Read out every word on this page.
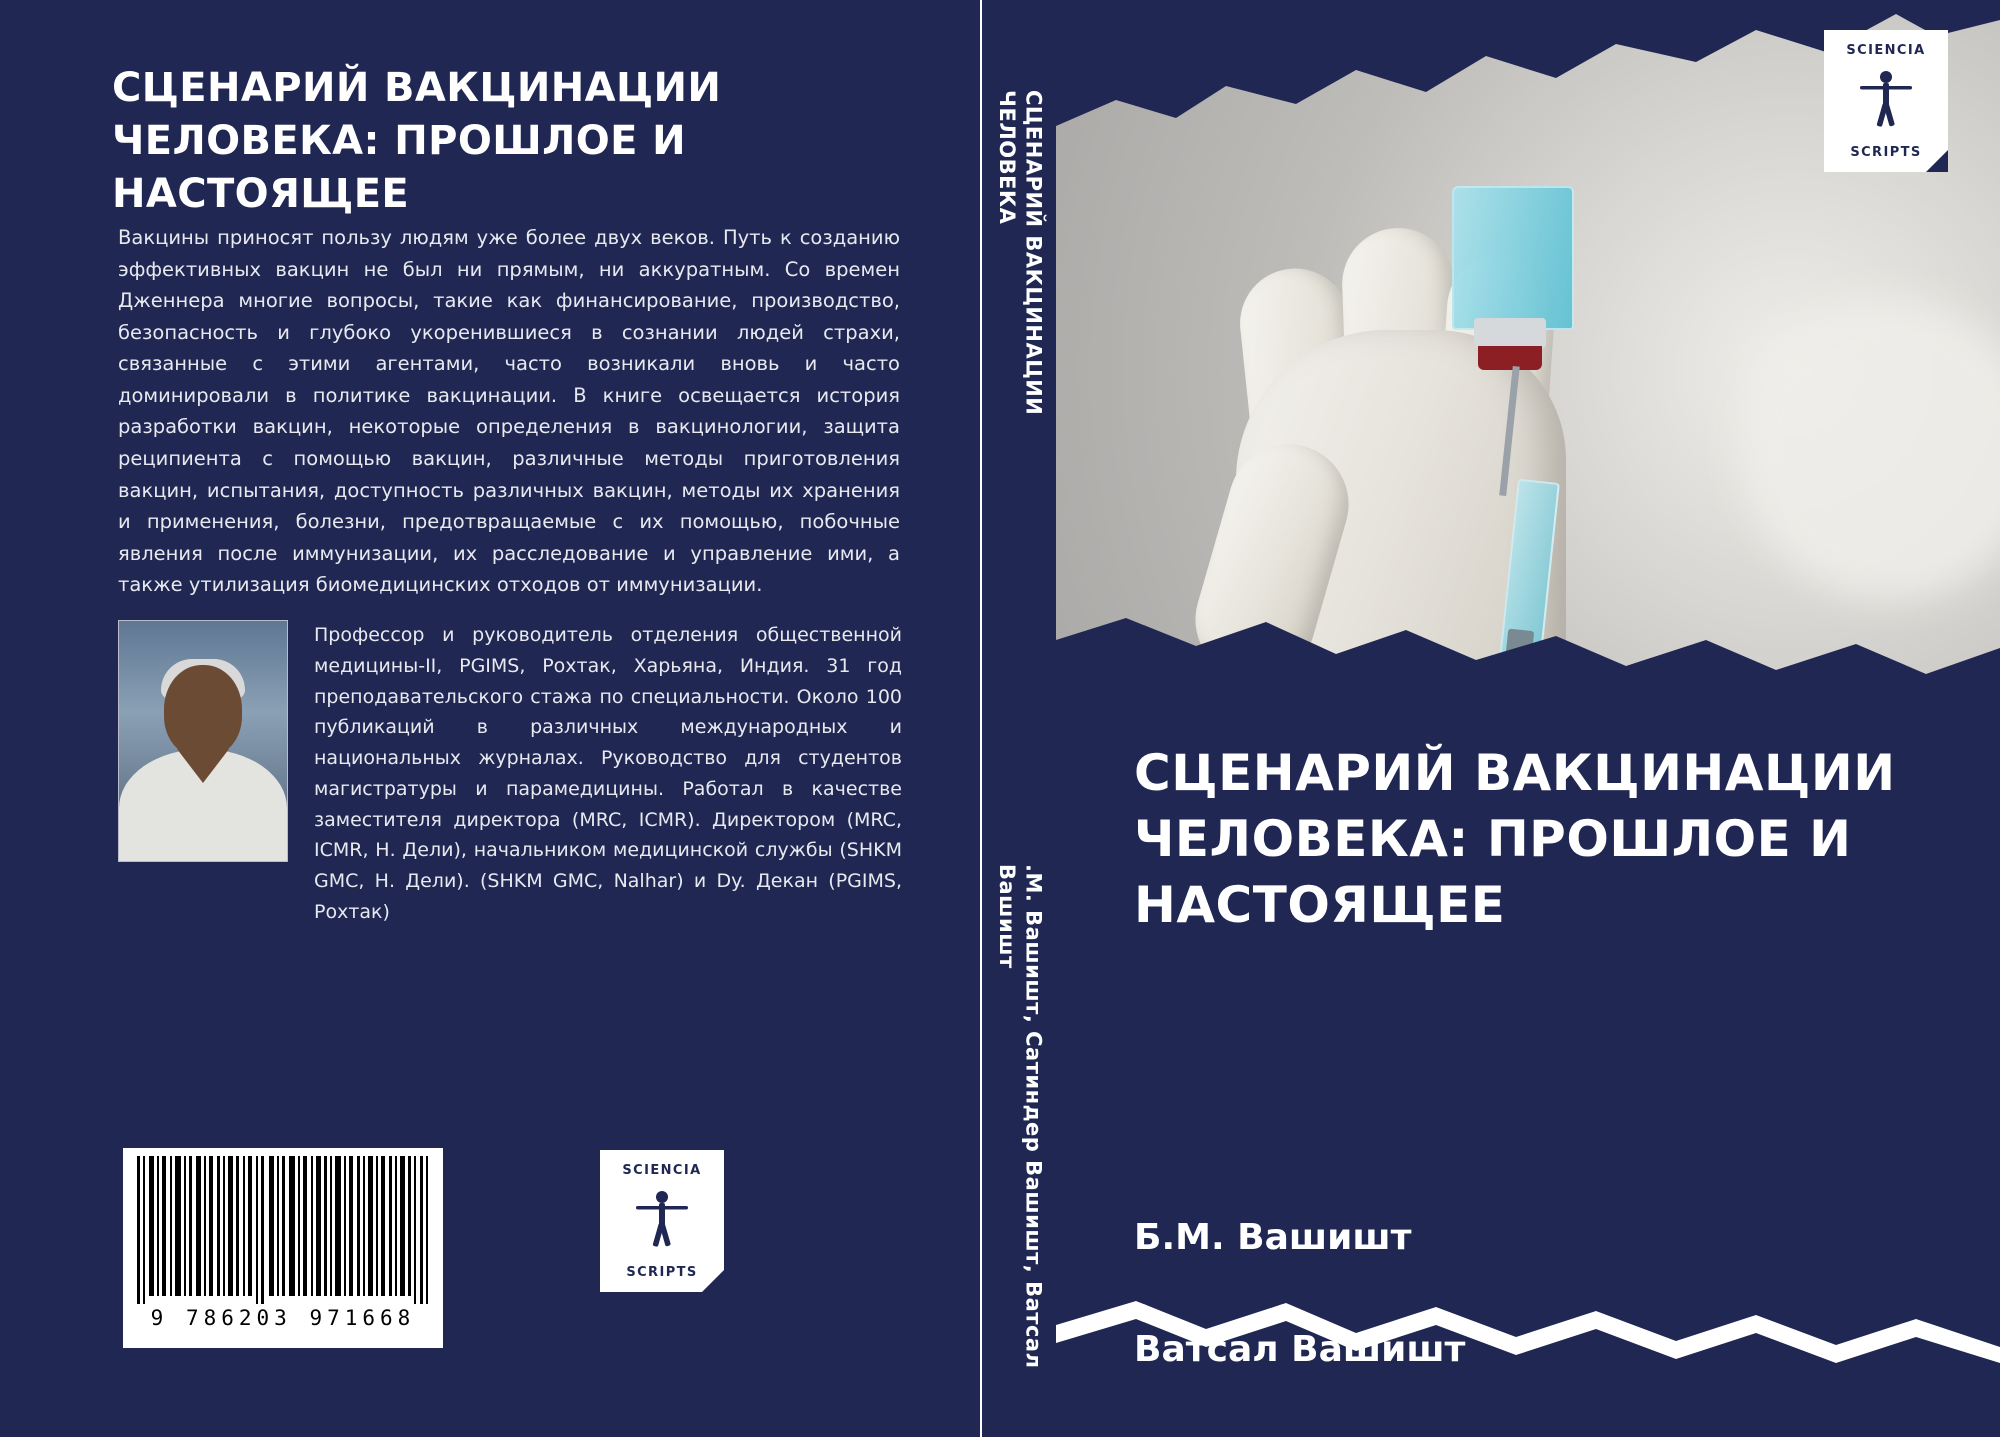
СЦЕНАРИЙ ВАКЦИНАЦИИ ЧЕЛОВЕКА: ПРОШЛОЕ И НАСТОЯЩЕЕ
Вакцины приносят пользу людям уже более двух веков. Путь к созданию эффективных вакцин не был ни прямым, ни аккуратным. Со времен Дженнера многие вопросы, такие как финансирование, производство, безопасность и глубоко укоренившиеся в сознании людей страхи, связанные с этими агентами, часто возникали вновь и часто доминировали в политике вакцинации. В книге освещается история разработки вакцин, некоторые определения в вакцинологии, защита реципиента с помощью вакцин, различные методы приготовления вакцин, испытания, доступность различных вакцин, методы их хранения и применения, болезни, предотвращаемые с их помощью, побочные явления после иммунизации, их расследование и управление ими, а также утилизация биомедицинских отходов от иммунизации.
Профессор и руководитель отделения общественной медицины-II, PGIMS, Рохтак, Харьяна, Индия. 31 год преподавательского стажа по специальности. Около 100 публикаций в различных международных и национальных журналах. Руководство для студентов магистратуры и парамедицины. Работал в качестве заместителя директора (MRC, ICMR). Директором (MRC, ICMR, Н. Дели), начальником медицинской службы (SHKM GMC, Н. Дели). (SHKM GMC, Nalhar) и Dy. Декан (PGIMS, Рохтак)
9 786203 971668
SCIENCIA
SCRIPTS
СЦЕНАРИЙ ВАКЦИНАЦИИ ЧЕЛОВЕКА
.М. Вашишт, Сатиндер Вашишт, Ватсал Вашишт
СЦЕНАРИЙ ВАКЦИНАЦИИ ЧЕЛОВЕКА: ПРОШЛОЕ И НАСТОЯЩЕЕ
Б.М. Вашишт
Ватсал Вашишт
SCIENCIA
SCRIPTS
